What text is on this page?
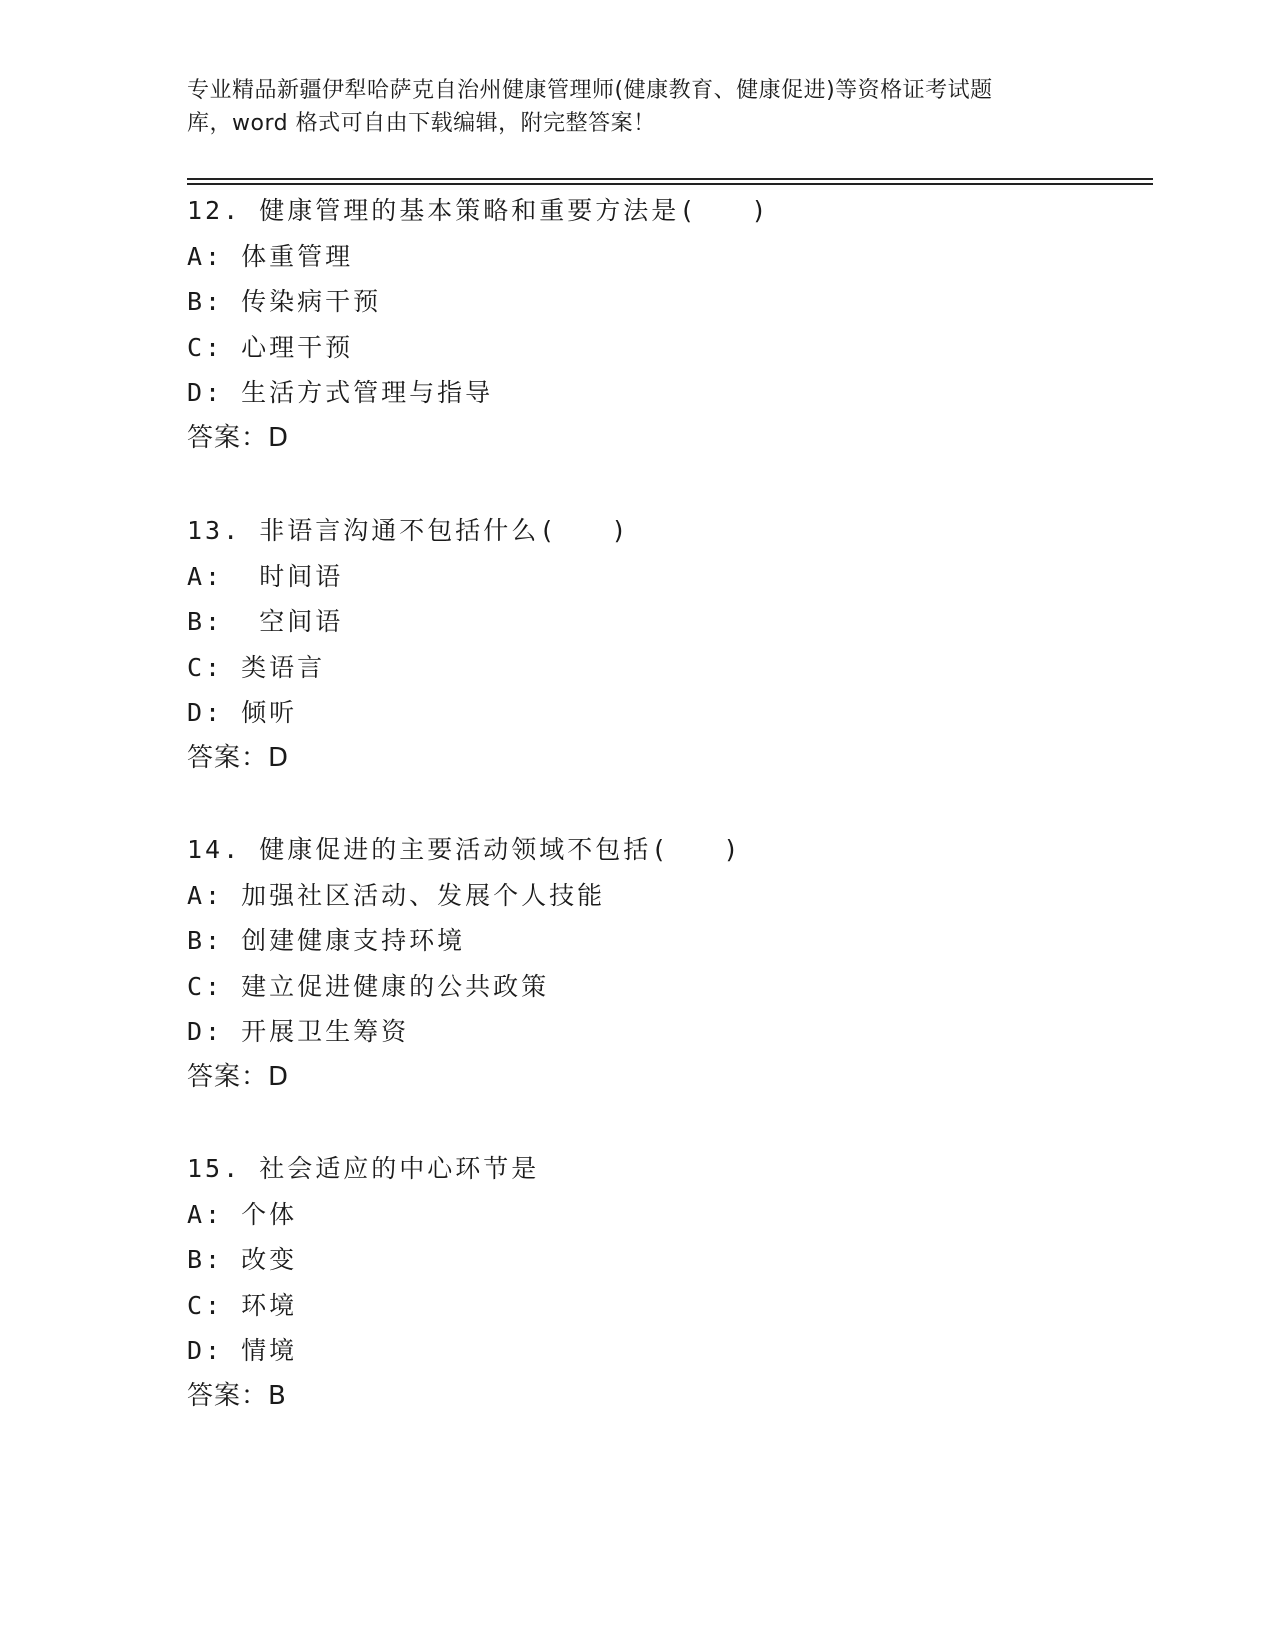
专业精品新疆伊犁哈萨克自治州健康管理师(健康教育、健康促进)等资格证考试题
库，word 格式可自由下载编辑，附完整答案！
12. 健康管理的基本策略和重要方法是(   )
A: 体重管理
B: 传染病干预
C: 心理干预
D: 生活方式管理与指导
答案：D
13. 非语言沟通不包括什么(   )
A:  时间语
B:  空间语
C: 类语言
D: 倾听
答案：D
14. 健康促进的主要活动领域不包括(   )
A: 加强社区活动、发展个人技能
B: 创建健康支持环境
C: 建立促进健康的公共政策
D: 开展卫生筹资
答案：D
15. 社会适应的中心环节是
A: 个体
B: 改变
C: 环境
D: 情境
答案：B
